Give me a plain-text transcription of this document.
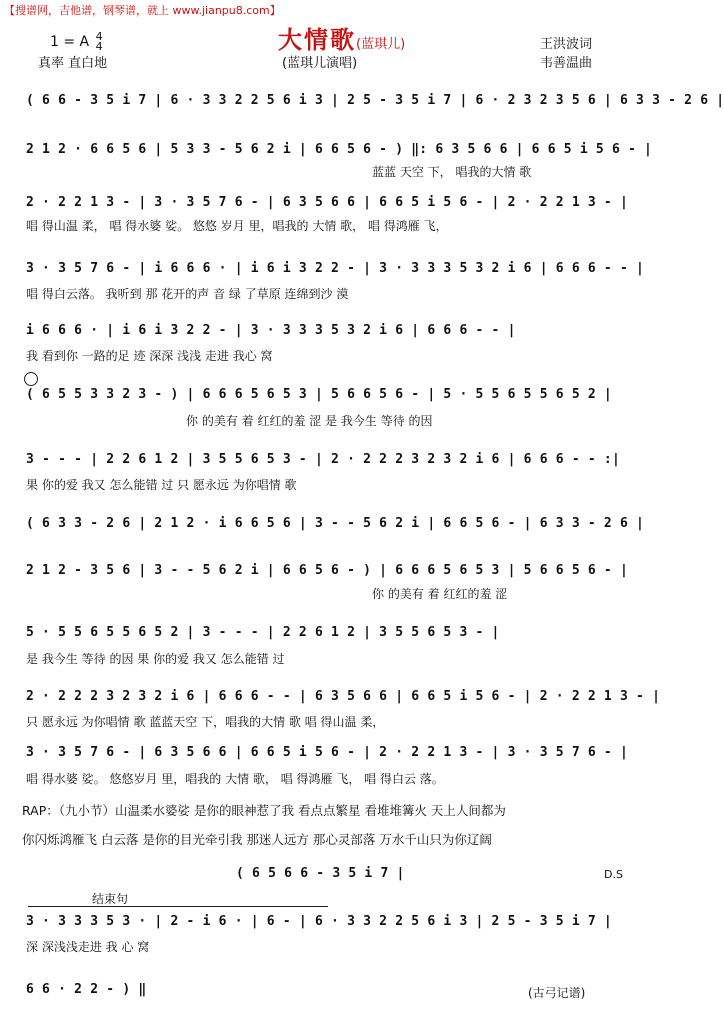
【搜谱网，吉他谱，钢琴谱，就上 www.jianpu8.com】
1 = A 4
4
真率 直白地
大情歌(蓝琪儿)
(蓝琪儿演唱)
王洪波词
韦善温曲
( 6 6 - 3 5 i 7 | 6 · 3 3 2 2 5 6 i 3 | 2 5 - 3 5 i 7 | 6 · 2 3 2 3 5 6 | 6 3 3 - 2 6 |
2 1 2 · 6 6 5 6 | 5 3 3 - 5 6 2 i | 6 6 5 6 - ) ‖: 6 3 5 6 6 | 6 6 5 i 5 6 - |
蓝蓝 天空 下， 唱我的大情 歌
2 · 2 2 1 3 - | 3 · 3 5 7 6 - | 6 3 5 6 6 | 6 6 5 i 5 6 - | 2 · 2 2 1 3 - |
唱 得山温 柔， 唱 得水婆 娑。 悠悠 岁月 里，唱我的 大情 歌， 唱 得鸿雁 飞，
3 · 3 5 7 6 - | i 6 6 6 · | i 6 i 3 2 2 - | 3 · 3 3 3 5 3 2 i 6 | 6 6 6 - - |
唱 得白云落。 我听到 那 花开的声 音 绿 了草原 连绵到沙 漠
i 6 6 6 · | i 6 i 3 2 2 - | 3 · 3 3 3 5 3 2 i 6 | 6 6 6 - - |
我 看到你 一路的足 迹 深深 浅浅 走进 我心 窝
( 6 5 5 3 3 2 3 - ) | 6 6 6 5 6 5 3 | 5 6 6 5 6 - | 5 · 5 5 6 5 5 6 5 2 |
你 的美有 着 红红的羞 涩 是 我今生 等待 的因
3 - - - | 2 2 6 1 2 | 3 5 5 6 5 3 - | 2 · 2 2 2 3 2 3 2 i 6 | 6 6 6 - - :|
果 你的爱 我又 怎么能错 过 只 愿永远 为你唱情 歌
( 6 3 3 - 2 6 | 2 1 2 · i 6 6 5 6 | 3 - - 5 6 2 i | 6 6 5 6 - | 6 3 3 - 2 6 |
2 1 2 - 3 5 6 | 3 - - 5 6 2 i | 6 6 5 6 - ) | 6 6 6 5 6 5 3 | 5 6 6 5 6 - |
你 的美有 着 红红的羞 涩
5 · 5 5 6 5 5 6 5 2 | 3 - - - | 2 2 6 1 2 | 3 5 5 6 5 3 - |
是 我今生 等待 的因 果 你的爱 我又 怎么能错 过
2 · 2 2 2 3 2 3 2 i 6 | 6 6 6 - - | 6 3 5 6 6 | 6 6 5 i 5 6 - | 2 · 2 2 1 3 - |
只 愿永远 为你唱情 歌 蓝蓝天空 下，唱我的大情 歌 唱 得山温 柔，
3 · 3 5 7 6 - | 6 3 5 6 6 | 6 6 5 i 5 6 - | 2 · 2 2 1 3 - | 3 · 3 5 7 6 - |
唱 得水婆 娑。 悠悠岁月 里，唱我的 大情 歌， 唱 得鸿雁 飞， 唱 得白云 落。
RAP：（九小节）山温柔水婆娑 是你的眼神惹了我 看点点繁星 看堆堆篝火 天上人间都为
你闪烁鸿雁飞 白云落 是你的目光牵引我 那迷人远方 那心灵部落 万水千山只为你辽阔
( 6 5 6 6 - 3 5 i 7 |	D.S
结束句
3 · 3 3 3 5 3 · | 2 - i 6 · | 6 - | 6 · 3 3 2 2 5 6 i 3 | 2 5 - 3 5 i 7 |
深 深浅浅走进 我 心 窝
6 6 · 2 2 - ) ‖	(古弓记谱)
